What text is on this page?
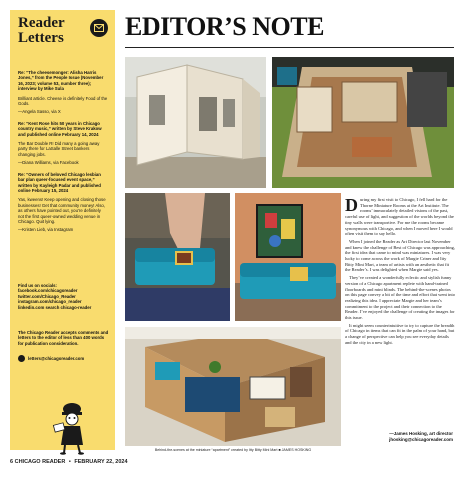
Reader
Letters
Re: “The cheesemonger: Alisha Harris Jones,” from the People Issue (November 16, 2023; volume 53, number three); interview by Mike Sula
Brilliant article. Cheese is definitely Food of the Gods.
—Angela Sasso, via X
Re: “Kent Rose hits 50 years in Chicago country music,” written by Steve Krakow and published online February 14, 2024
The Bar Double R! Did many a going away party there for LaSalle Street bankers changing jobs.
—Diana Williams, via Facebook
Re: “Owners of beloved Chicago lesbian bar plan queer-focused event space,” written by Kayleigh Padar and published online February 15, 2024
Yas, kweens! Keep opening and closing those businesses! Get that community money! Also, as others have pointed out, you’re definitely not the first queer-owned wedding venue in Chicago. Quit lying.
—Kristen Lieb, via Instagram
Find us on socials:
facebook.com/chicagoreader
twitter.com/Chicago_Reader
instagram.com/chicago_reader
linkedin.com search chicago-reader
The Chicago Reader accepts comments and letters to the editor of less than 400 words for publication consideration.
letters@chicagoreader.com
EDITOR’S NOTE
Behind-the-scenes at the miniature “apartment” created by Itty Bitty Mini Mart ■ JAMES HOSKING

During my first visit to Chicago, I fell hard for the Thorne Miniature Rooms at the Art Institute. The rooms’ immaculately detailed visions of the past, careful use of light, and suggestion of the worlds beyond the tiny walls were transportive. For me the rooms became synonymous with Chicago, and when I moved here I would often visit them to say hello.

When I joined the Reader as Art Director last November and knew the challenge of Best of Chicago was approaching, the first idea that came to mind was miniatures. I was very lucky to come across the work of Margie Criner and Itty Bitty Mini Mart, a team of artists with an aesthetic that fit the Reader’s. I was delighted when Margie said yes.

They’ve created a wonderfully eclectic and stylish funny version of a Chicago apartment replete with hand-trained floorboards and mini blinds. The behind-the-scenes photos on this page convey a bit of the time and effort that went into realizing this idea. I appreciate Margie and her team’s commitment to the project and their connection to the Reader. I’ve enjoyed the challenge of creating the images for this issue.

It might seem counterintuitive to try to capture the breadth of Chicago in items that can fit in the palm of your hand, but a change of perspective can help you see everyday details and the city in a new light.

—James Hosking, art director
jhosking@chicagoreader.com
6 CHICAGO READER • FEBRUARY 22, 2024
